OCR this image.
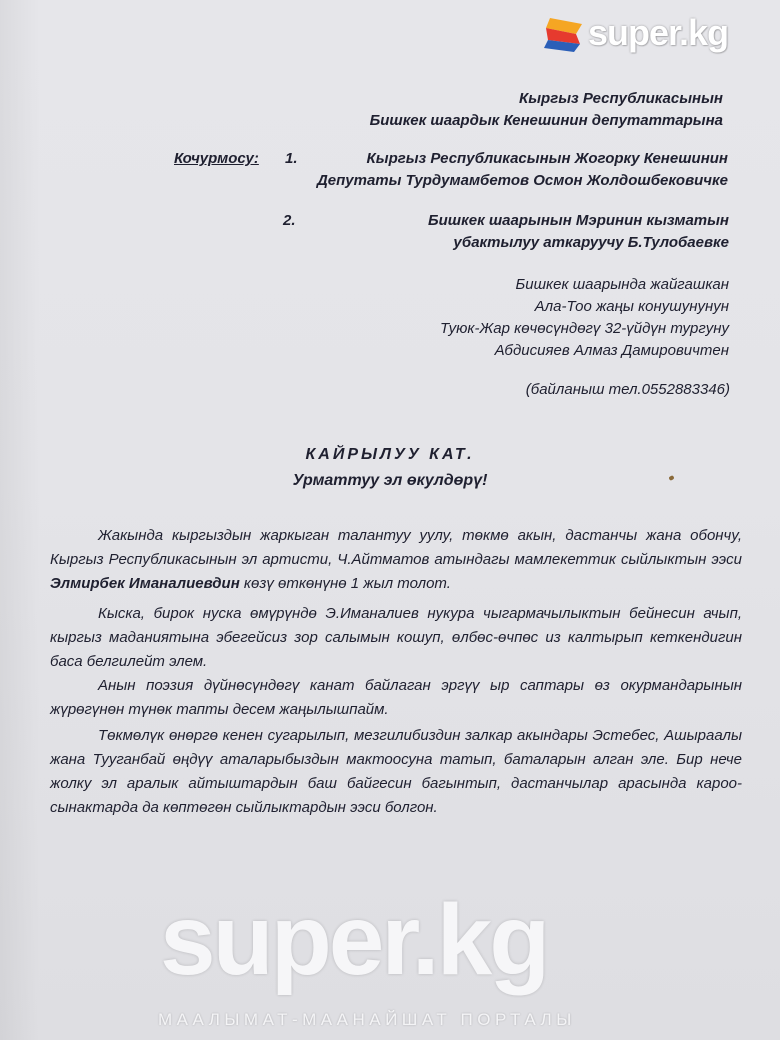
super.kg
Кыргыз Республикасынын
Бишкек шаардык Кенешинин депутаттарына
Кочурмосу: 1.	Кыргыз Республикасынын Жогорку Кенешинин
Депутаты Турдумамбетов Осмон Жолдошбековичке
2.	Бишкек шаарынын Мэринин кызматын
убактылуу аткаруучу Б.Тулобаевке
Бишкек шаарында жайгашкан
Ала-Тоо жаңы конушунунун
Туюк-Жар көчөсүндөгү 32-үйдүн тургуну
Абдисияев Алмаз Дамировичтен
(байланыш тел.0552883346)
КАЙРЫЛУУ КАТ.
Урматтуу эл өкулдөрү!

Жакында кыргыздын жаркыган талантуу уулу, төкмө акын, дастанчы жана обончу, Кыргыз Республикасынын эл артисти, Ч.Айтматов атындагы мамлекеттик сыйлыктын ээси Элмирбек Иманалиевдин көзү өткөнүнө 1 жыл толот.

Кыска, бирок нуска өмүрүндө Э.Иманалиев нукура чыгармачылыктын бейнесин ачып, кыргыз маданиятына эбегейсиз зор салымын кошуп, өлбөс-өчпөс из калтырып кеткендигин баса белгилейт элем.

Анын поэзия дүйнөсүндөгү канат байлаган эргүү ыр саптары өз окурмандарынын жүрөгүнөн түнөк тапты десем жаңылышпайм.

Төкмөлүк өнөргө кенен сугарылып, мезгилибиздин залкар акындары Эстебес, Ашыраалы жана Тууганбай өңдүү аталарыбыздын мактоосуна татып, баталарын алган эле. Бир нече жолку эл аралык айтыштардын баш байгесин багынтып, дастанчылар арасында кароо-сынактарда да көптөгөн сыйлыктардын ээси болгон.

super.kg
МААЛЫМАТ-МААНАЙШАТ ПОРТАЛЫ
